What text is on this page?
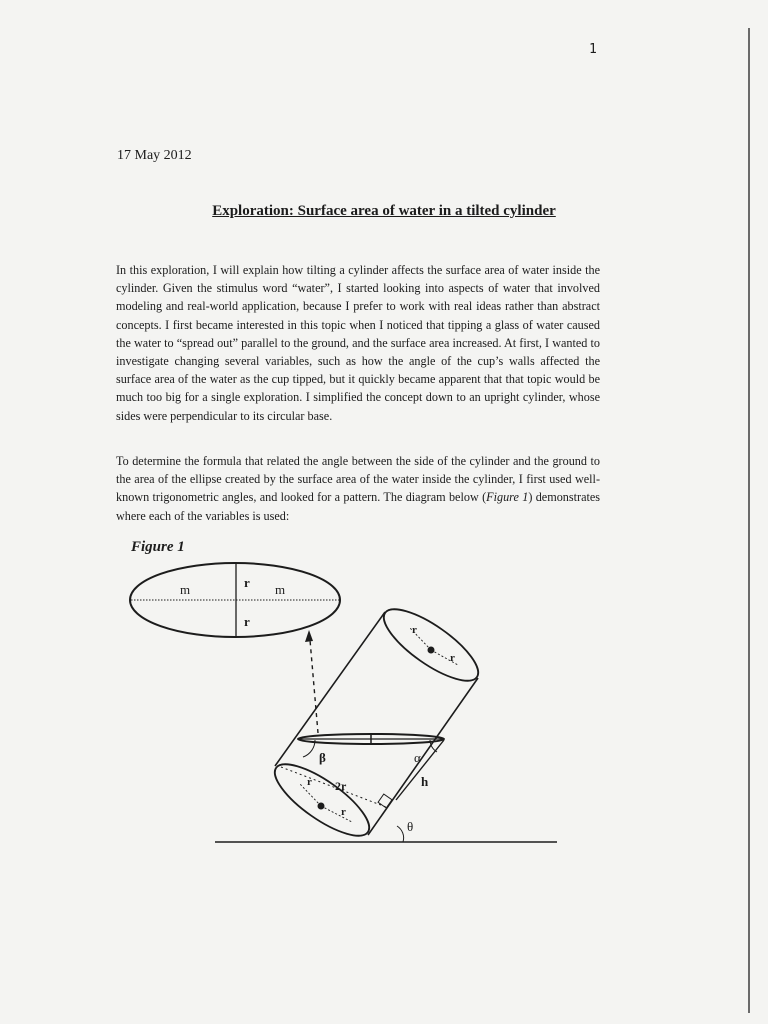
1
17 May 2012
Exploration: Surface area of water in a tilted cylinder

In this exploration, I will explain how tilting a cylinder affects the surface area of water inside the cylinder. Given the stimulus word “water”, I started looking into aspects of water that involved modeling and real-world application, because I prefer to work with real ideas rather than abstract concepts. I first became interested in this topic when I noticed that tipping a glass of water caused the water to “spread out” parallel to the ground, and the surface area increased. At first, I wanted to investigate changing several variables, such as how the angle of the cup’s walls affected the surface area of the water as the cup tipped, but it quickly became apparent that that topic would be much too big for a single exploration. I simplified the concept down to an upright cylinder, whose sides were perpendicular to its circular base.

To determine the formula that related the angle between the side of the cylinder and the ground to the area of the ellipse created by the surface area of the water inside the cylinder, I first used well-known trigonometric angles, and looked for a pattern. The diagram below (Figure 1) demonstrates where each of the variables is used:

Figure 1
m	m
r
r
r
r
β	α
2r	h
r
r
θ
